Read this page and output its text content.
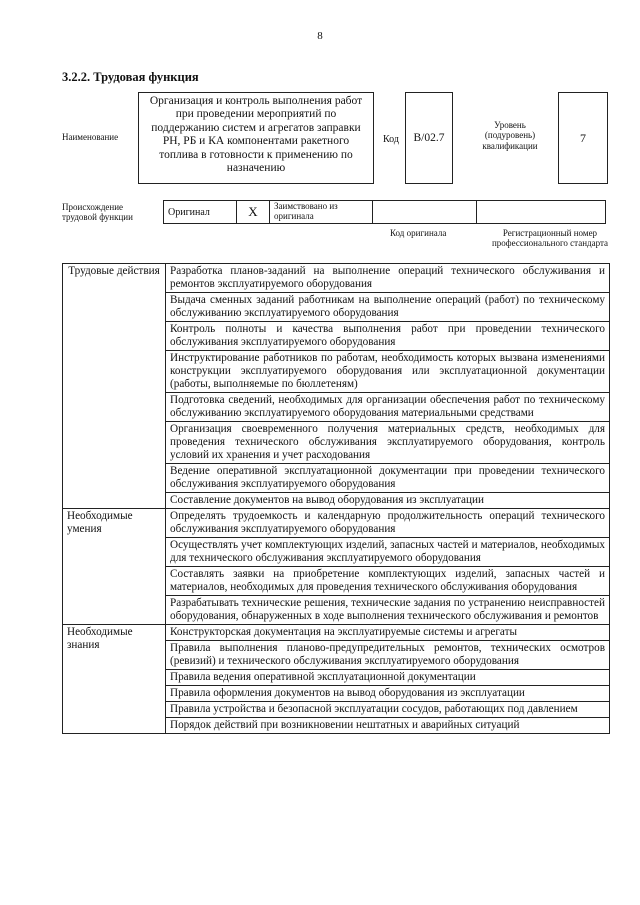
8
3.2.2. Трудовая функция
Наименование
Организация и контроль выполнения работ при проведении мероприятий по поддержанию систем и агрегатов заправки РН, РБ и КА компонентами ракетного топлива в готовности к применению по назначению
Код B/02.7
Уровень (подуровень) квалификации
7
Происхождение трудовой функции	Оригинал	X	Заимствовано из оригинала		
Код оригинала	Регистрационный номер профессионального стандарта
Трудовые действия	Разработка планов-заданий на выполнение операций технического обслуживания и ремонтов эксплуатируемого оборудования
	Выдача сменных заданий работникам на выполнение операций (работ) по техническому обслуживанию эксплуатируемого оборудования
	Контроль полноты и качества выполнения работ при проведении технического обслуживания эксплуатируемого оборудования
	Инструктирование работников по работам, необходимость которых вызвана изменениями конструкции эксплуатируемого оборудования или эксплуатационной документации (работы, выполняемые по бюллетеням)
	Подготовка сведений, необходимых для организации обеспечения работ по техническому обслуживанию эксплуатируемого оборудования материальными средствами
	Организация своевременного получения материальных средств, необходимых для проведения технического обслуживания эксплуатируемого оборудования, контроль условий их хранения и учет расходования
	Ведение оперативной эксплуатационной документации при проведении технического обслуживания эксплуатируемого оборудования
	Составление документов на вывод оборудования из эксплуатации
Необходимые умения	Определять трудоемкость и календарную продолжительность операций технического обслуживания эксплуатируемого оборудования
	Осуществлять учет комплектующих изделий, запасных частей и материалов, необходимых для технического обслуживания эксплуатируемого оборудования
	Составлять заявки на приобретение комплектующих изделий, запасных частей и материалов, необходимых для проведения технического обслуживания оборудования
	Разрабатывать технические решения, технические задания по устранению неисправностей оборудования, обнаруженных в ходе выполнения технического обслуживания и ремонтов
Необходимые знания	Конструкторская документация на эксплуатируемые системы и агрегаты
	Правила выполнения планово-предупредительных ремонтов, технических осмотров (ревизий) и технического обслуживания эксплуатируемого оборудования
	Правила ведения оперативной эксплуатационной документации
	Правила оформления документов на вывод оборудования из эксплуатации
	Правила устройства и безопасной эксплуатации сосудов, работающих под давлением
	Порядок действий при возникновении нештатных и аварийных ситуаций
